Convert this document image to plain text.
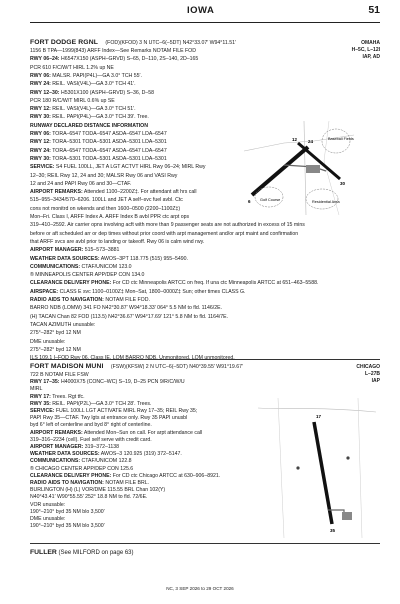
IOWA	51
FORT DODGE RGNL (FOD)(KFOD) 3 N UTC–6(–5DT) N42°33.07′ W94°11.51′	OMAHA
H–5C, L–12I
IAP, AD
1156 B TPA—1999(843) ARFF Index—See Remarks NOTAM FILE FOD
RWY 06–24: H6547X150 (ASPH–GRVD) S–65, D–110, 2S–140, 2D–165
PCR 610 F/C/W/T HIRL 1.2% up NE
RWY 06: MALSR. PAPI(P4L)—GA 3.0° TCH 55′.
RWY 24: REIL. VASI(V4L)—GA 3.0° TCH 41′.
RWY 12–30: H5301X100 (ASPH–GRVD) S–36, D–58
PCR 180 R/C/W/T MIRL 0.6% up SE
RWY 12: REIL. VASI(V4L)—GA 3.0° TCH 51′.
RWY 30: REIL. PAPI(P4L)—GA 3.0° TCH 39′. Tree.
RUNWAY DECLARED DISTANCE INFORMATION
RWY 06: TORA–6547 TODA–6547 ASDA–6547 LDA–6547
RWY 12: TORA–5301 TODA–5301 ASDA–5301 LDA–5301
RWY 24: TORA–6547 TODA–6547 ASDA–6547 LDA–6547
RWY 30: TORA–5301 TODA–5301 ASDA–5301 LDA–5301
SERVICE: S4 FUEL 100LL, JET A LGT ACTVT HIRL Rwy 06–24; MIRL Rwy
12–30; REIL Rwy 12, 24 and 30; MALSR Rwy 06 and VASI Rwy
12 and 24 and PAPI Rwy 06 and 30—CTAF.
AIRPORT REMARKS: Attended 1100–2200Z‡. For attendant aft hrs call
515–955–3434/570–6206. 100LL and JET A self–svc fuel avbl. Ctc
cons not monitrd on wkends and then 1600–0500 (2200–1100Z‡)
Mon–Fri. Class I, ARFF Index A. ARFF Index B avbl PPR ctc arpt ops
319–410–2592. Air carrier opns involving acft with more than 9 passenger seats are not authorized in excess of 15 mins
before or aft scheduled arr or dep times without prior coord with arpt management and/or arpt maint and confirmation
that ARFF svcs are avbl prior to landing or takeoff. Rwy 06 is calm wind rwy.
AIRPORT MANAGER: 515–573–3881
WEATHER DATA SOURCES: AWOS–3PT 118.775 (515) 955–5490.
COMMUNICATIONS: CTAF/UNICOM 123.0
® MINNEAPOLIS CENTER APP/DEP CON 134.0
CLEARANCE DELIVERY PHONE: For CD ctc Minneapolis ARTCC on freq. If una ctc Minneapolis ARTCC at 651–463–5588.
AIRSPACE: CLASS E svc 1100–0100Z‡ Mon–Sat, 1800–0000Z‡ Sun; other times CLASS G.
RADIO AIDS TO NAVIGATION: NOTAM FILE FOD.
BARRO NDB (LOMW) 341 FO N42°30.87′ W94°18.33′ 064° 5.5 NM to fld. 1146/2E.
(H) TACAN Chan 82 FOD (113.5) N42°36.67′ W94°17.69′ 121° 5.8 NM to fld. 1164/7E.
TACAN AZIMUTH unusable:
275°–282° byd 12 NM
DME unusable:
275°–282° byd 12 NM
ILS 109.1 I–FOD Rwy 06. Class IE. LOM BARRO NDB. Unmonitored. LOM unmonitored.
Baseball Fields
Golf Course	Residential Area
6
24
12
30
FORT MADISON MUNI (FSW)(KFSW) 2 N UTC–6(–5DT) N40°39.55′ W91°19.67′	CHICAGO
L–27B
IAP
722 B NOTAM FILE FSW
RWY 17–35: H4000X75 (CONC–WC) S–19, D–25 PCN 9/R/C/W/U
MIRL
RWY 17: Trees. Rgt tfc.
RWY 35: REIL. PAPI(P2L)—GA 3.0° TCH 28′. Trees.
SERVICE: FUEL 100LL LGT ACTIVATE MIRL Rwy 17–35; REIL Rwy 35;
PAPI Rwy 35—CTAF. Twy lgts at entrance only. Rwy 35 PAPI unusbl
byd 6° left of centerline and byd 8° right of centerline.
AIRPORT REMARKS: Attended Mon–Sun on call. For arpt attendance call
319–316–2234 (cell). Fuel self serve with credit card.
AIRPORT MANAGER: 319–372–1138
WEATHER DATA SOURCES: AWOS–3 120.925 (319) 372–5147.
COMMUNICATIONS: CTAF/UNICOM 122.8
® CHICAGO CENTER APP/DEP CON 125.6
CLEARANCE DELIVERY PHONE: For CD ctc Chicago ARTCC at 630–906–8921.
RADIO AIDS TO NAVIGATION: NOTAM FILE BRL.
BURLINGTON (H) (L) VOR/DME 115.55 BRL Chan 102(Y)
N40°43.41′ W90°55.55′ 252° 18.8 NM to fld. 72/6E.
VOR unusable:
190°–210° byd 35 NM blo 3,500′
DME unusable:
190°–210° byd 35 NM blo 3,500′
17
35
FULLER (See MILFORD on page 63)
NC, 3 SEP 2026 to 29 OCT 2026
